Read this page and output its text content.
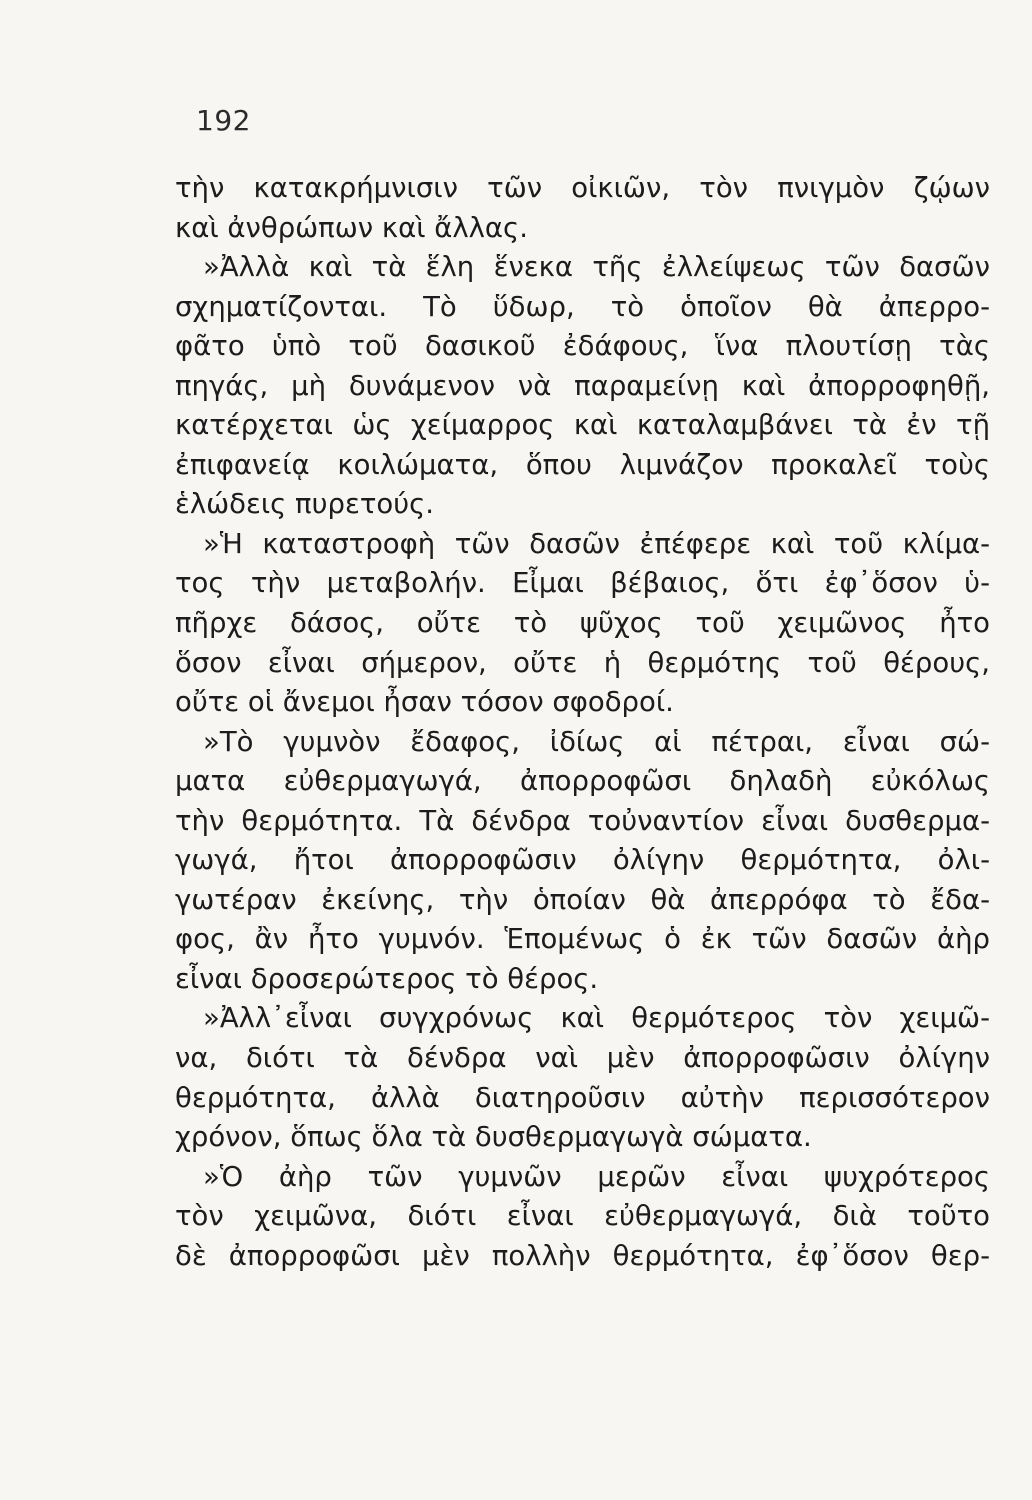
192
τὴν κατακρήμνισιν τῶν οἰκιῶν, τὸν πνιγμὸν ζῴων
καὶ ἀνθρώπων καὶ ἄλλας.
»Ἀλλὰ καὶ τὰ ἕλη ἕνεκα τῆς ἐλλείψεως τῶν δασῶν
σχηματίζονται. Τὸ ὕδωρ, τὸ ὁποῖον θὰ ἀπερρο-
φᾶτο ὑπὸ τοῦ δασικοῦ ἐδάφους, ἵνα πλουτίσῃ τὰς
πηγάς, μὴ δυνάμενον νὰ παραμείνῃ καὶ ἀπορροφηθῇ,
κατέρχεται ὡς χείμαρρος καὶ καταλαμβάνει τὰ ἐν τῇ
ἐπιφανείᾳ κοιλώματα, ὅπου λιμνάζον προκαλεῖ τοὺς
ἑλώδεις πυρετούς.
»Ἡ καταστροφὴ τῶν δασῶν ἐπέφερε καὶ τοῦ κλίμα-
τος τὴν μεταβολήν. Εἶμαι βέβαιος, ὅτι ἐφ᾽ὅσον ὑ-
πῆρχε δάσος, οὔτε τὸ ψῦχος τοῦ χειμῶνος ἦτο
ὅσον εἶναι σήμερον, οὔτε ἡ θερμότης τοῦ θέρους,
οὔτε οἱ ἄνεμοι ἦσαν τόσον σφοδροί.
»Τὸ γυμνὸν ἔδαφος, ἰδίως αἱ πέτραι, εἶναι σώ-
ματα εὐθερμαγωγά, ἀπορροφῶσι δηλαδὴ εὐκόλως
τὴν θερμότητα. Τὰ δένδρα τοὐναντίον εἶναι δυσθερμα-
γωγά, ἤτοι ἀπορροφῶσιν ὀλίγην θερμότητα, ὀλι-
γωτέραν ἐκείνης, τὴν ὁποίαν θὰ ἀπερρόφα τὸ ἔδα-
φος, ἂν ἦτο γυμνόν. Ἑπομένως ὁ ἐκ τῶν δασῶν ἀὴρ
εἶναι δροσερώτερος τὸ θέρος.
»Ἀλλ᾽εἶναι συγχρόνως καὶ θερμότερος τὸν χειμῶ-
να, διότι τὰ δένδρα ναὶ μὲν ἀπορροφῶσιν ὀλίγην
θερμότητα, ἀλλὰ διατηροῦσιν αὐτὴν περισσότερον
χρόνον, ὅπως ὅλα τὰ δυσθερμαγωγὰ σώματα.
»Ὁ ἀὴρ τῶν γυμνῶν μερῶν εἶναι ψυχρότερος
τὸν χειμῶνα, διότι εἶναι εὐθερμαγωγά, διὰ τοῦτο
δὲ ἀπορροφῶσι μὲν πολλὴν θερμότητα, ἐφ᾽ὅσον θερ-
